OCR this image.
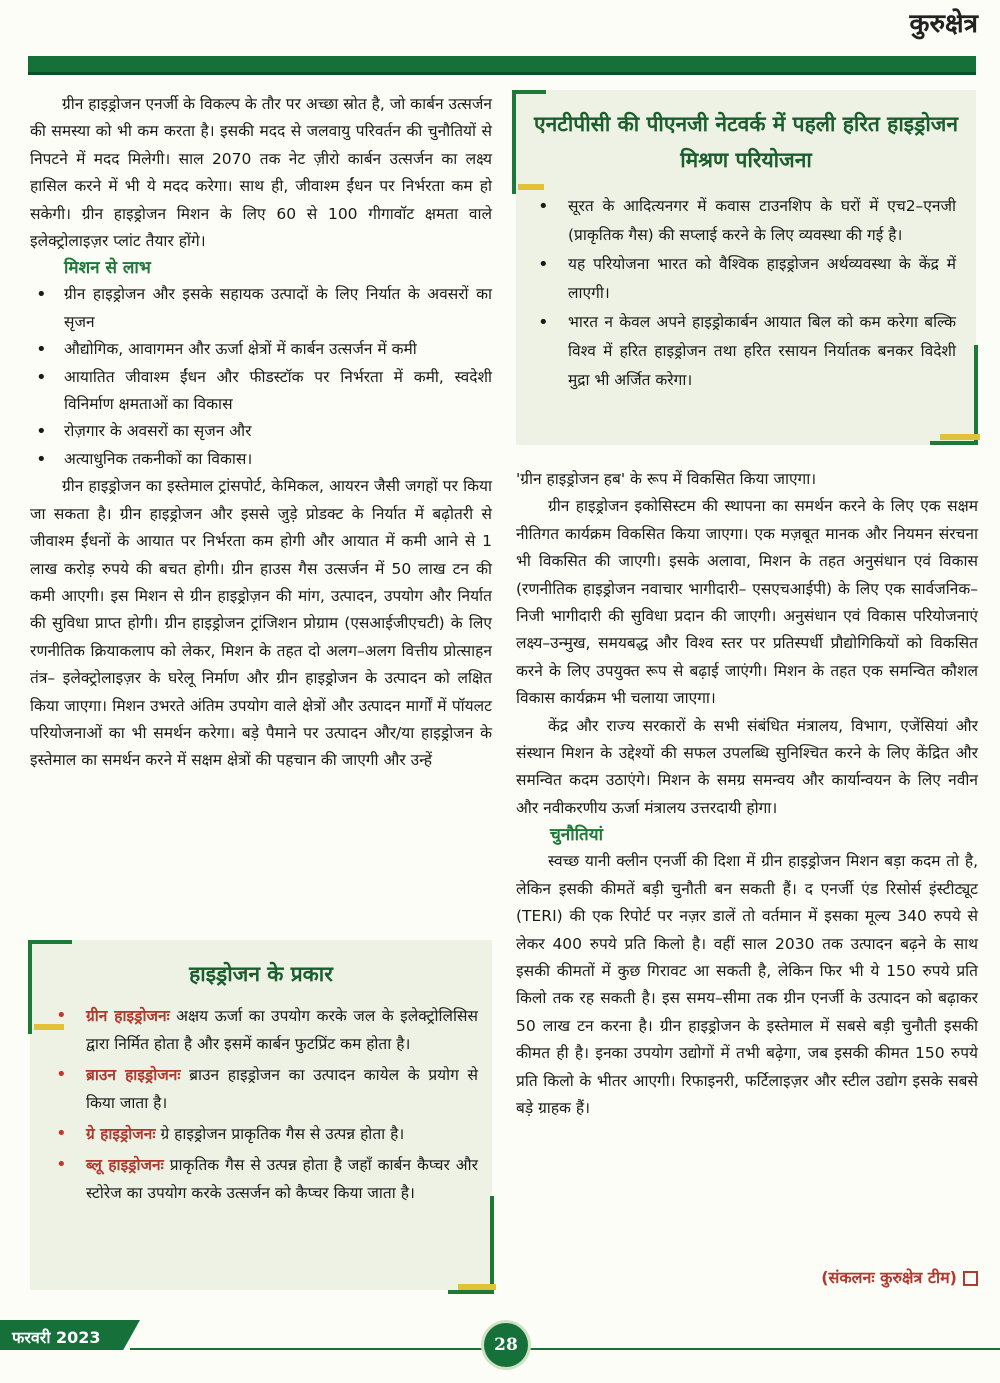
कुरुक्षेत्र

ग्रीन हाइड्रोजन एनर्जी के विकल्प के तौर पर अच्छा स्रोत है, जो कार्बन उत्सर्जन की समस्या को भी कम करता है। इसकी मदद से जलवायु परिवर्तन की चुनौतियों से निपटने में मदद मिलेगी। साल 2070 तक नेट ज़ीरो कार्बन उत्सर्जन का लक्ष्य हासिल करने में भी ये मदद करेगा। साथ ही, जीवाश्म ईंधन पर निर्भरता कम हो सकेगी। ग्रीन हाइड्रोजन मिशन के लिए 60 से 100 गीगावॉट क्षमता वाले इलेक्ट्रोलाइज़र प्लांट तैयार होंगे।

मिशन से लाभ
• ग्रीन हाइड्रोजन और इसके सहायक उत्पादों के लिए निर्यात के अवसरों का सृजन
• औद्योगिक, आवागमन और ऊर्जा क्षेत्रों में कार्बन उत्सर्जन में कमी
• आयातित जीवाश्म ईंधन और फीडस्टॉक पर निर्भरता में कमी, स्वदेशी विनिर्माण क्षमताओं का विकास
• रोज़गार के अवसरों का सृजन और
• अत्याधुनिक तकनीकों का विकास।

ग्रीन हाइड्रोजन का इस्तेमाल ट्रांसपोर्ट, केमिकल, आयरन जैसी जगहों पर किया जा सकता है। ग्रीन हाइड्रोजन और इससे जुड़े प्रोडक्ट के निर्यात में बढ़ोतरी से जीवाश्म ईंधनों के आयात पर निर्भरता कम होगी और आयात में कमी आने से 1 लाख करोड़ रुपये की बचत होगी। ग्रीन हाउस गैस उत्सर्जन में 50 लाख टन की कमी आएगी। इस मिशन से ग्रीन हाइड्रोज़न की मांग, उत्पादन, उपयोग और निर्यात की सुविधा प्राप्त होगी। ग्रीन हाइड्रोजन ट्रांजिशन प्रोग्राम (एसआईजीएचटी) के लिए रणनीतिक क्रियाकलाप को लेकर, मिशन के तहत दो अलग–अलग वित्तीय प्रोत्साहन तंत्र– इलेक्ट्रोलाइज़र के घरेलू निर्माण और ग्रीन हाइड्रोजन के उत्पादन को लक्षित किया जाएगा। मिशन उभरते अंतिम उपयोग वाले क्षेत्रों और उत्पादन मार्गों में पॉयलट परियोजनाओं का भी समर्थन करेगा। बड़े पैमाने पर उत्पादन और/या हाइड्रोजन के इस्तेमाल का समर्थन करने में सक्षम क्षेत्रों की पहचान की जाएगी और उन्हें

एनटीपीसी की पीएनजी नेटवर्क में पहली हरित हाइड्रोजन मिश्रण परियोजना
• सूरत के आदित्यनगर में कवास टाउनशिप के घरों में एच2–एनजी (प्राकृतिक गैस) की सप्लाई करने के लिए व्यवस्था की गई है।
• यह परियोजना भारत को वैश्विक हाइड्रोजन अर्थव्यवस्था के केंद्र में लाएगी।
• भारत न केवल अपने हाइड्रोकार्बन आयात बिल को कम करेगा बल्कि विश्व में हरित हाइड्रोजन तथा हरित रसायन निर्यातक बनकर विदेशी मुद्रा भी अर्जित करेगा।

'ग्रीन हाइड्रोजन हब' के रूप में विकसित किया जाएगा।

ग्रीन हाइड्रोजन इकोसिस्टम की स्थापना का समर्थन करने के लिए एक सक्षम नीतिगत कार्यक्रम विकसित किया जाएगा। एक मज़बूत मानक और नियमन संरचना भी विकसित की जाएगी। इसके अलावा, मिशन के तहत अनुसंधान एवं विकास (रणनीतिक हाइड्रोजन नवाचार भागीदारी– एसएचआईपी) के लिए एक सार्वजनिक–निजी भागीदारी की सुविधा प्रदान की जाएगी। अनुसंधान एवं विकास परियोजनाएं लक्ष्य–उन्मुख, समयबद्ध और विश्व स्तर पर प्रतिस्पर्धी प्रौद्योगिकियों को विकसित करने के लिए उपयुक्त रूप से बढ़ाई जाएंगी। मिशन के तहत एक समन्वित कौशल विकास कार्यक्रम भी चलाया जाएगा।

केंद्र और राज्य सरकारों के सभी संबंधित मंत्रालय, विभाग, एजेंसियां और संस्थान मिशन के उद्देश्यों की सफल उपलब्धि सुनिश्चित करने के लिए केंद्रित और समन्वित कदम उठाएंगे। मिशन के समग्र समन्वय और कार्यान्वयन के लिए नवीन और नवीकरणीय ऊर्जा मंत्रालय उत्तरदायी होगा।

चुनौतियां

स्वच्छ यानी क्लीन एनर्जी की दिशा में ग्रीन हाइड्रोजन मिशन बड़ा कदम तो है, लेकिन इसकी कीमतें बड़ी चुनौती बन सकती हैं। द एनर्जी एंड रिसोर्स इंस्टीट्यूट (TERI) की एक रिपोर्ट पर नज़र डालें तो वर्तमान में इसका मूल्य 340 रुपये से लेकर 400 रुपये प्रति किलो है। वहीं साल 2030 तक उत्पादन बढ़ने के साथ इसकी कीमतों में कुछ गिरावट आ सकती है, लेकिन फिर भी ये 150 रुपये प्रति किलो तक रह सकती है। इस समय–सीमा तक ग्रीन एनर्जी के उत्पादन को बढ़ाकर 50 लाख टन करना है। ग्रीन हाइड्रोजन के इस्तेमाल में सबसे बड़ी चुनौती इसकी कीमत ही है। इनका उपयोग उद्योगों में तभी बढ़ेगा, जब इसकी कीमत 150 रुपये प्रति किलो के भीतर आएगी। रिफाइनरी, फर्टिलाइज़र और स्टील उद्योग इसके सबसे बड़े ग्राहक हैं।

(संकलनः कुरुक्षेत्र टीम)
हाइड्रोजन के प्रकार
• ग्रीन हाइड्रोजनः अक्षय ऊर्जा का उपयोग करके जल के इलेक्ट्रोलिसिस द्वारा निर्मित होता है और इसमें कार्बन फुटप्रिंट कम होता है।
• ब्राउन हाइड्रोजनः ब्राउन हाइड्रोजन का उत्पादन कायेल के प्रयोग से किया जाता है।
• ग्रे हाइड्रोजनः ग्रे हाइड्रोजन प्राकृतिक गैस से उत्पन्न होता है।
• ब्लू हाइड्रोजनः प्राकृतिक गैस से उत्पन्न होता है जहाँ कार्बन कैप्चर और स्टोरेज का उपयोग करके उत्सर्जन को कैप्चर किया जाता है।
फरवरी 2023	28
